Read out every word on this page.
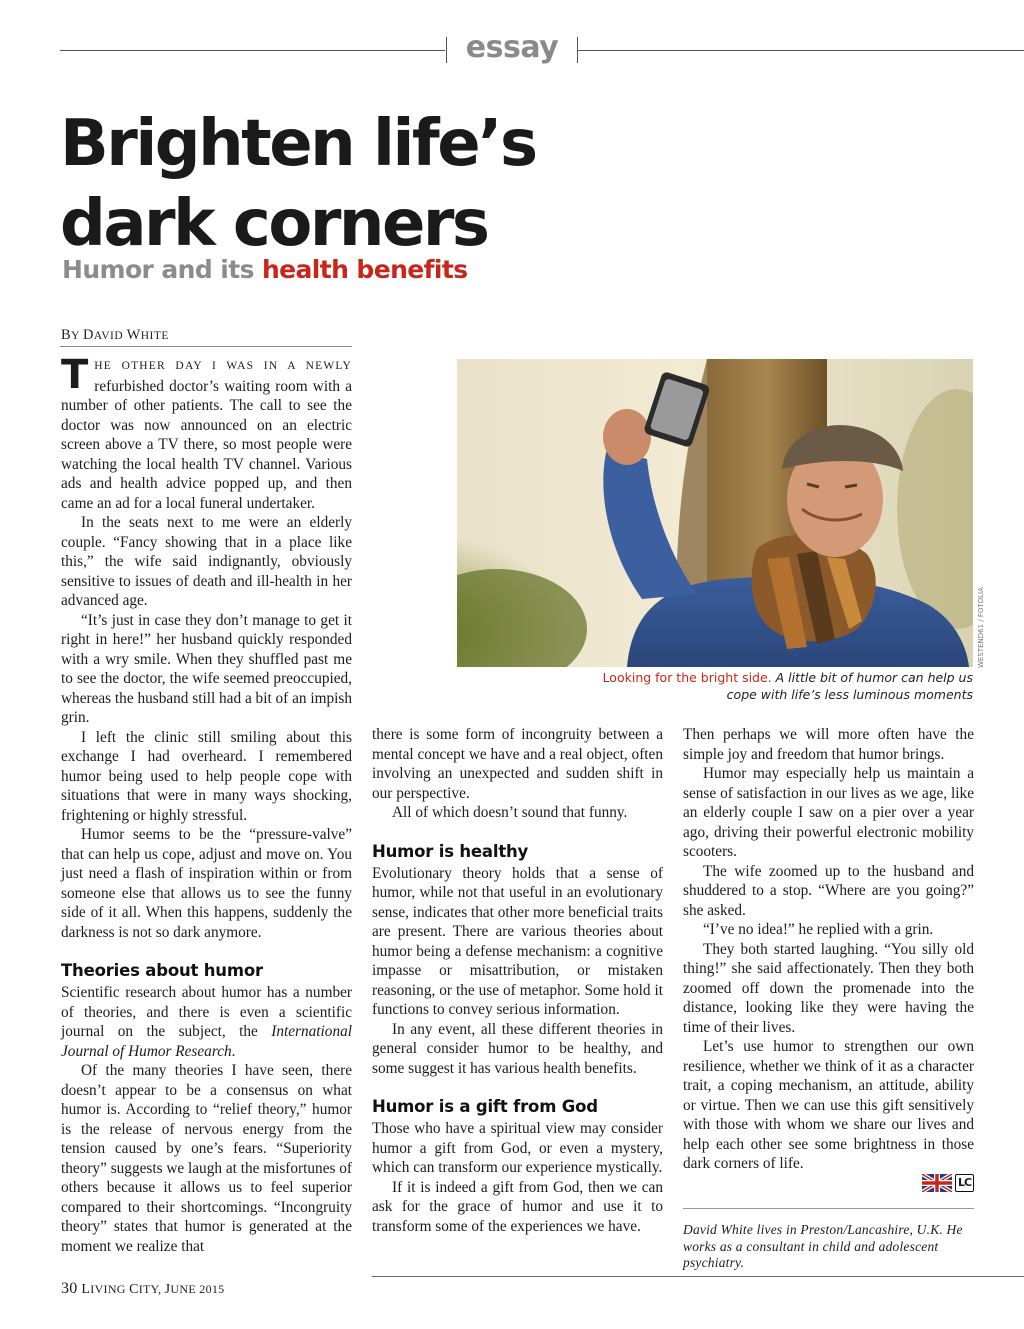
essay
Brighten life’s
dark corners
Humor and its health benefits
BY DAVID WHITE

THE OTHER DAY I WAS IN A NEWLY refurbished doctor’s waiting room with a number of other patients. The call to see the doctor was now announced on an electric screen above a TV there, so most people were watching the local health TV channel. Various ads and health advice popped up, and then came an ad for a local funeral undertaker.

In the seats next to me were an elderly couple. “Fancy showing that in a place like this,” the wife said indignantly, obviously sensitive to issues of death and ill-health in her advanced age.

“It’s just in case they don’t manage to get it right in here!” her husband quickly responded with a wry smile. When they shuffled past me to see the doctor, the wife seemed preoccupied, whereas the husband still had a bit of an impish grin.

I left the clinic still smiling about this exchange I had overheard. I remembered humor being used to help people cope with situations that were in many ways shocking, frightening or highly stressful.

Humor seems to be the “pressure-valve” that can help us cope, adjust and move on. You just need a flash of inspiration within or from someone else that allows us to see the funny side of it all. When this happens, suddenly the darkness is not so dark anymore.

Theories about humor

Scientific research about humor has a number of theories, and there is even a scientific journal on the subject, the International Journal of Humor Research.

Of the many theories I have seen, there doesn’t appear to be a consensus on what humor is. According to “relief theory,” humor is the release of nervous energy from the tension caused by one’s fears. “Superiority theory” suggests we laugh at the misfortunes of others because it allows us to feel superior compared to their shortcomings. “Incongruity theory” states that humor is generated at the moment we realize that

WESTEND61 / FOTOLIA
Looking for the bright side. A little bit of humor can help us cope with life’s less luminous moments

there is some form of incongruity between a mental concept we have and a real object, often involving an unexpected and sudden shift in our perspective.

All of which doesn’t sound that funny.

Humor is healthy

Evolutionary theory holds that a sense of humor, while not that useful in an evolutionary sense, indicates that other more beneficial traits are present. There are various theories about humor being a defense mechanism: a cognitive impasse or misattribution, or mistaken reasoning, or the use of metaphor. Some hold it functions to convey serious information.

In any event, all these different theories in general consider humor to be healthy, and some suggest it has various health benefits.

Humor is a gift from God

Those who have a spiritual view may consider humor a gift from God, or even a mystery, which can transform our experience mystically.

If it is indeed a gift from God, then we can ask for the grace of humor and use it to transform some of the experiences we have.

Then perhaps we will more often have the simple joy and freedom that humor brings.

Humor may especially help us maintain a sense of satisfaction in our lives as we age, like an elderly couple I saw on a pier over a year ago, driving their powerful electronic mobility scooters.

The wife zoomed up to the husband and shuddered to a stop. “Where are you going?” she asked.

“I’ve no idea!” he replied with a grin.

They both started laughing. “You silly old thing!” she said affectionately. Then they both zoomed off down the promenade into the distance, looking like they were having the time of their lives.

Let’s use humor to strengthen our own resilience, whether we think of it as a character trait, a coping mechanism, an attitude, ability or virtue. Then we can use this gift sensitively with those with whom we share our lives and help each other see some brightness in those dark corners of life.

LC
David White lives in Preston/Lancashire, U.K. He works as a consultant in child and adolescent psychiatry.
30 LIVING CITY, JUNE 2015
